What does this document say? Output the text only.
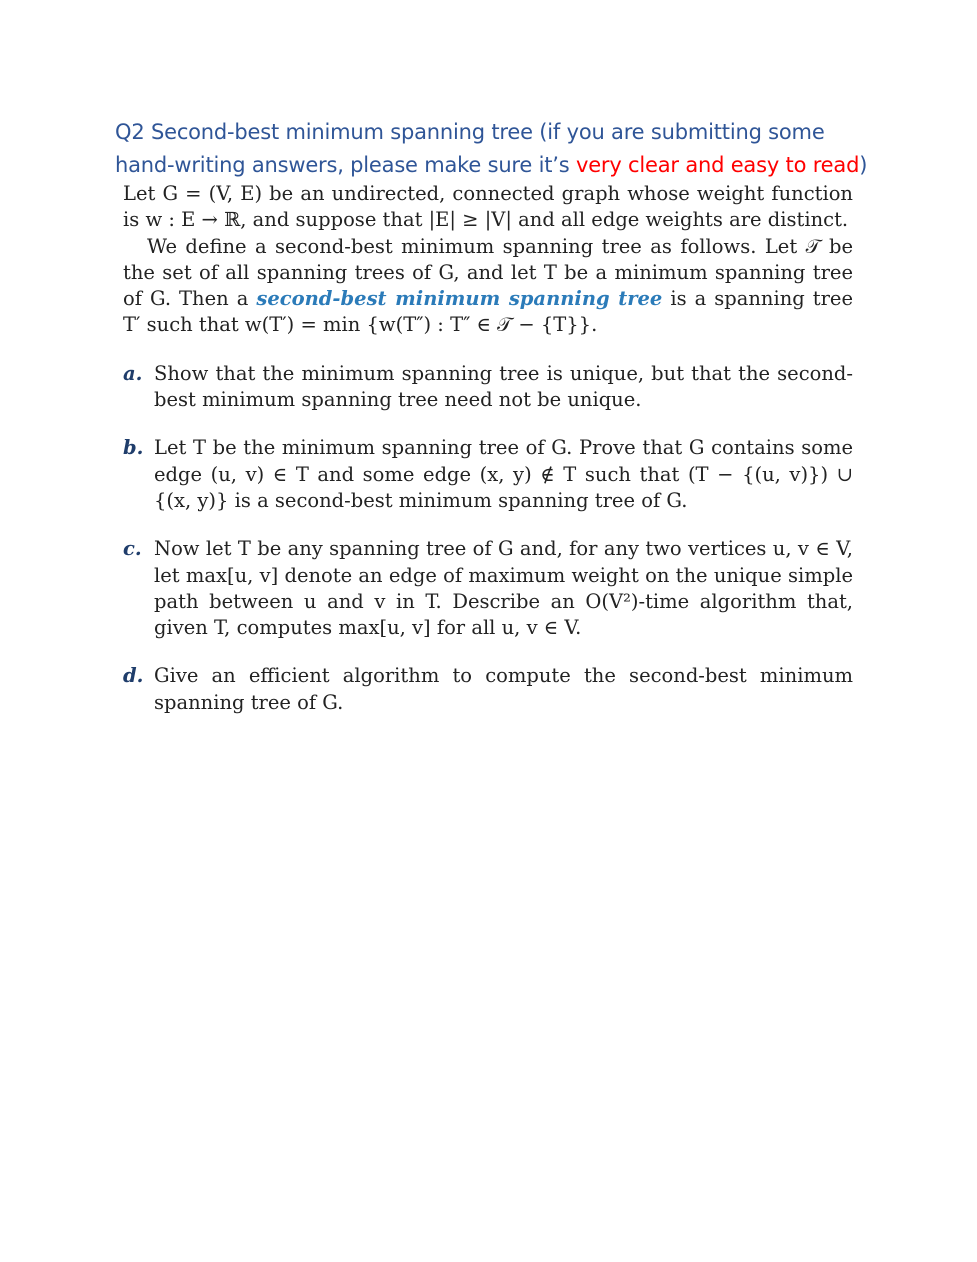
Q2 Second-best minimum spanning tree (if you are submitting some hand-writing answers, please make sure it’s very clear and easy to read)

Let G = (V, E) be an undirected, connected graph whose weight function is w : E → ℝ, and suppose that |E| ≥ |V| and all edge weights are distinct.

We define a second-best minimum spanning tree as follows. Let 𝒯 be the set of all spanning trees of G, and let T be a minimum spanning tree of G. Then a second-best minimum spanning tree is a spanning tree T′ such that w(T′) = min {w(T″) : T″ ∈ 𝒯 − {T}}.

a. Show that the minimum spanning tree is unique, but that the second-best minimum spanning tree need not be unique.
b. Let T be the minimum spanning tree of G. Prove that G contains some edge (u, v) ∈ T and some edge (x, y) ∉ T such that (T − {(u, v)}) ∪ {(x, y)} is a second-best minimum spanning tree of G.
c. Now let T be any spanning tree of G and, for any two vertices u, v ∈ V, let max[u, v] denote an edge of maximum weight on the unique simple path between u and v in T. Describe an O(V²)-time algorithm that, given T, computes max[u, v] for all u, v ∈ V.
d. Give an efficient algorithm to compute the second-best minimum spanning tree of G.
